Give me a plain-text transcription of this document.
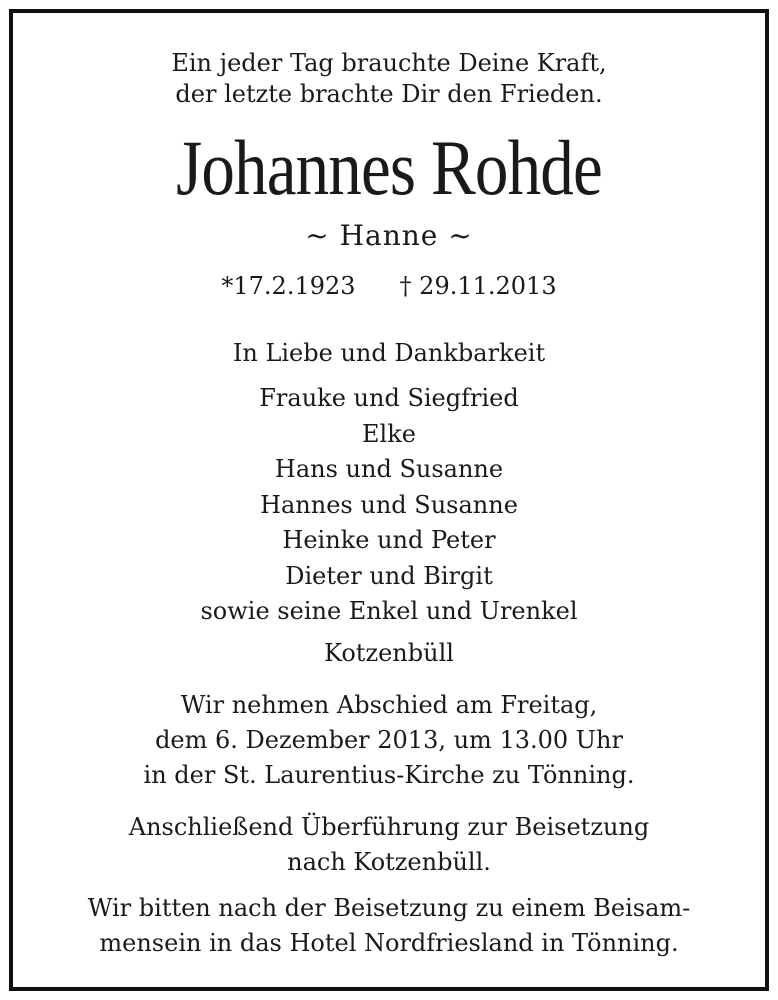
Ein jeder Tag brauchte Deine Kraft,
der letzte brachte Dir den Frieden.
Johannes Rohde
~ Hanne ~
*17.2.1923 † 29.11.2013
In Liebe und Dankbarkeit
Frauke und Siegfried
Elke
Hans und Susanne
Hannes und Susanne
Heinke und Peter
Dieter und Birgit
sowie seine Enkel und Urenkel
Kotzenbüll
Wir nehmen Abschied am Freitag,
dem 6. Dezember 2013, um 13.00 Uhr
in der St. Laurentius-Kirche zu Tönning.
Anschließend Überführung zur Beisetzung
nach Kotzenbüll.
Wir bitten nach der Beisetzung zu einem Beisam-
mensein in das Hotel Nordfriesland in Tönning.
